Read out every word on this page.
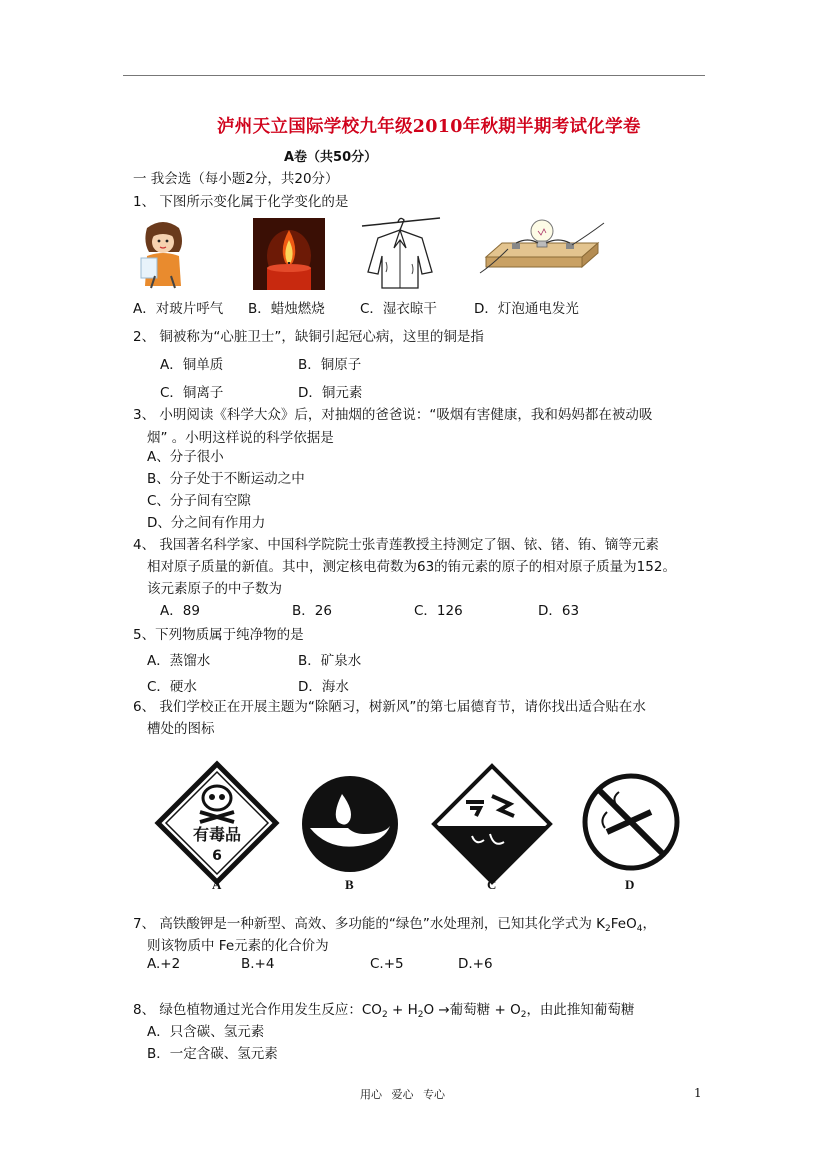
泸州天立国际学校九年级2010年秋期半期考试化学卷
A卷（共50分）
一 我会选（每小题2分，共20分）
1、 下图所示变化属于化学变化的是
A．对玻片呼气 B．蜡烛燃烧	C．湿衣晾干	D．灯泡通电发光
2、 铜被称为“心脏卫士”，缺铜引起冠心病，这里的铜是指
A．铜单质	B．铜原子
C．铜离子	D．铜元素
3、 小明阅读《科学大众》后，对抽烟的爸爸说：“吸烟有害健康，我和妈妈都在被动吸
烟” 。小明这样说的科学依据是
A、分子很小
B、分子处于不断运动之中
C、分子间有空隙
D、分之间有作用力
4、 我国著名科学家、中国科学院院士张青莲教授主持测定了铟、铱、锗、铕、镝等元素
相对原子质量的新值。其中，测定核电荷数为63的铕元素的原子的相对原子质量为152。
该元素原子的中子数为
A．89	B．26	C．126	D．63
5、下列物质属于纯净物的是
A．蒸馏水	B．矿泉水
C．硬水	D．海水
6、 我们学校正在开展主题为“除陋习，树新风”的第七届德育节，请你找出适合贴在水
槽处的图标
有毒品
6
A	B	C	D
7、 高铁酸钾是一种新型、高效、多功能的“绿色”水处理剂，已知其化学式为 $K_2FeO_4$，
则该物质中 Fe元素的化合价为
A.+2	B.+4	C.+5	D.+6
8、 绿色植物通过光合作用发生反应：$CO_2 + H_2O$ →葡萄糖 + $O_2$，由此推知葡萄糖
A．只含碳、氢元素
B．一定含碳、氢元素
用心 爱心 专心	1
